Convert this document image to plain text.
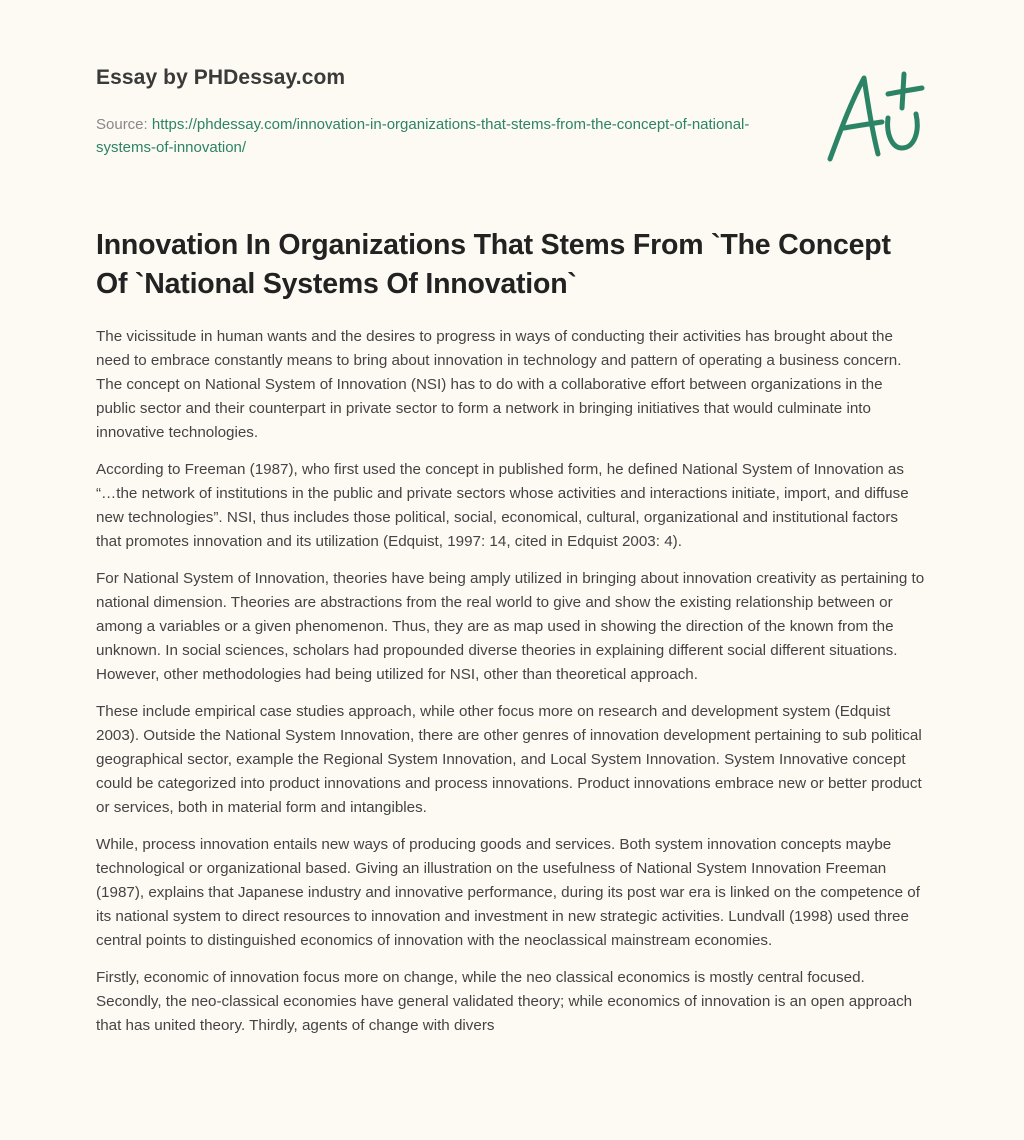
Essay by PHDessay.com
Source: https://phdessay.com/innovation-in-organizations-that-stems-from-the-concept-of-national-systems-of-innovation/
Innovation In Organizations That Stems From `The Concept Of `National Systems Of Innovation`

The vicissitude in human wants and the desires to progress in ways of conducting their activities has brought about the need to embrace constantly means to bring about innovation in technology and pattern of operating a business concern. The concept on National System of Innovation (NSI) has to do with a collaborative effort between organizations in the public sector and their counterpart in private sector to form a network in bringing initiatives that would culminate into innovative technologies.

According to Freeman (1987), who first used the concept in published form, he defined National System of Innovation as “…the network of institutions in the public and private sectors whose activities and interactions initiate, import, and diffuse new technologies”. NSI, thus includes those political, social, economical, cultural, organizational and institutional factors that promotes innovation and its utilization (Edquist, 1997: 14, cited in Edquist 2003: 4).

For National System of Innovation, theories have being amply utilized in bringing about innovation creativity as pertaining to national dimension. Theories are abstractions from the real world to give and show the existing relationship between or among a variables or a given phenomenon. Thus, they are as map used in showing the direction of the known from the unknown. In social sciences, scholars had propounded diverse theories in explaining different social different situations. However, other methodologies had being utilized for NSI, other than theoretical approach.

These include empirical case studies approach, while other focus more on research and development system (Edquist 2003). Outside the National System Innovation, there are other genres of innovation development pertaining to sub political geographical sector, example the Regional System Innovation, and Local System Innovation. System Innovative concept could be categorized into product innovations and process innovations. Product innovations embrace new or better product or services, both in material form and intangibles.

While, process innovation entails new ways of producing goods and services. Both system innovation concepts maybe technological or organizational based. Giving an illustration on the usefulness of National System Innovation Freeman (1987), explains that Japanese industry and innovative performance, during its post war era is linked on the competence of its national system to direct resources to innovation and investment in new strategic activities. Lundvall (1998) used three central points to distinguished economics of innovation with the neoclassical mainstream economies.

Firstly, economic of innovation focus more on change, while the neo classical economics is mostly central focused. Secondly, the neo-classical economies have general validated theory; while economics of innovation is an open approach that has united theory. Thirdly, agents of change with divers
